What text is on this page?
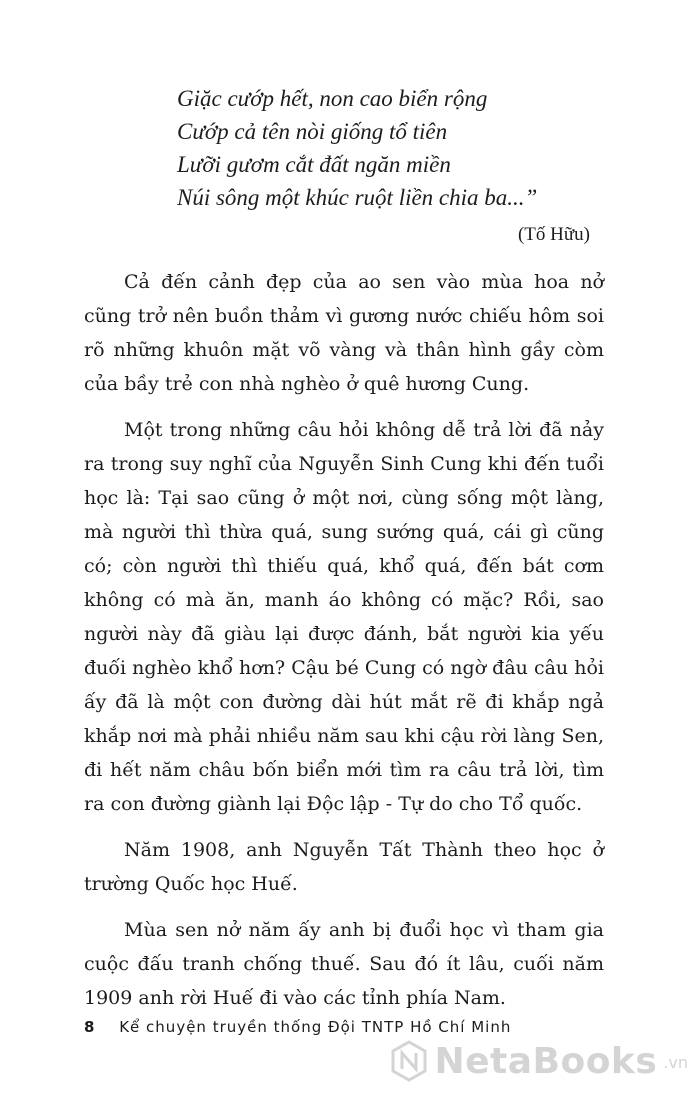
Giặc cướp hết, non cao biển rộng
Cướp cả tên nòi giống tổ tiên
Lưỡi gươm cắt đất ngăn miền
Núi sông một khúc ruột liền chia ba...”
(Tố Hữu)

Cả đến cảnh đẹp của ao sen vào mùa hoa nở cũng trở nên buồn thảm vì gương nước chiếu hôm soi rõ những khuôn mặt võ vàng và thân hình gầy còm của bầy trẻ con nhà nghèo ở quê hương Cung.

Một trong những câu hỏi không dễ trả lời đã nảy ra trong suy nghĩ của Nguyễn Sinh Cung khi đến tuổi học là: Tại sao cũng ở một nơi, cùng sống một làng, mà người thì thừa quá, sung sướng quá, cái gì cũng có; còn người thì thiếu quá, khổ quá, đến bát cơm không có mà ăn, manh áo không có mặc? Rồi, sao người này đã giàu lại được đánh, bắt người kia yếu đuối nghèo khổ hơn? Cậu bé Cung có ngờ đâu câu hỏi ấy đã là một con đường dài hút mắt rẽ đi khắp ngả khắp nơi mà phải nhiều năm sau khi cậu rời làng Sen, đi hết năm châu bốn biển mới tìm ra câu trả lời, tìm ra con đường giành lại Độc lập - Tự do cho Tổ quốc.

Năm 1908, anh Nguyễn Tất Thành theo học ở trường Quốc học Huế.

Mùa sen nở năm ấy anh bị đuổi học vì tham gia cuộc đấu tranh chống thuế. Sau đó ít lâu, cuối năm 1909 anh rời Huế đi vào các tỉnh phía Nam.

8 Kể chuyện truyền thống Đội TNTP Hồ Chí Minh
NetaBooks .vn
